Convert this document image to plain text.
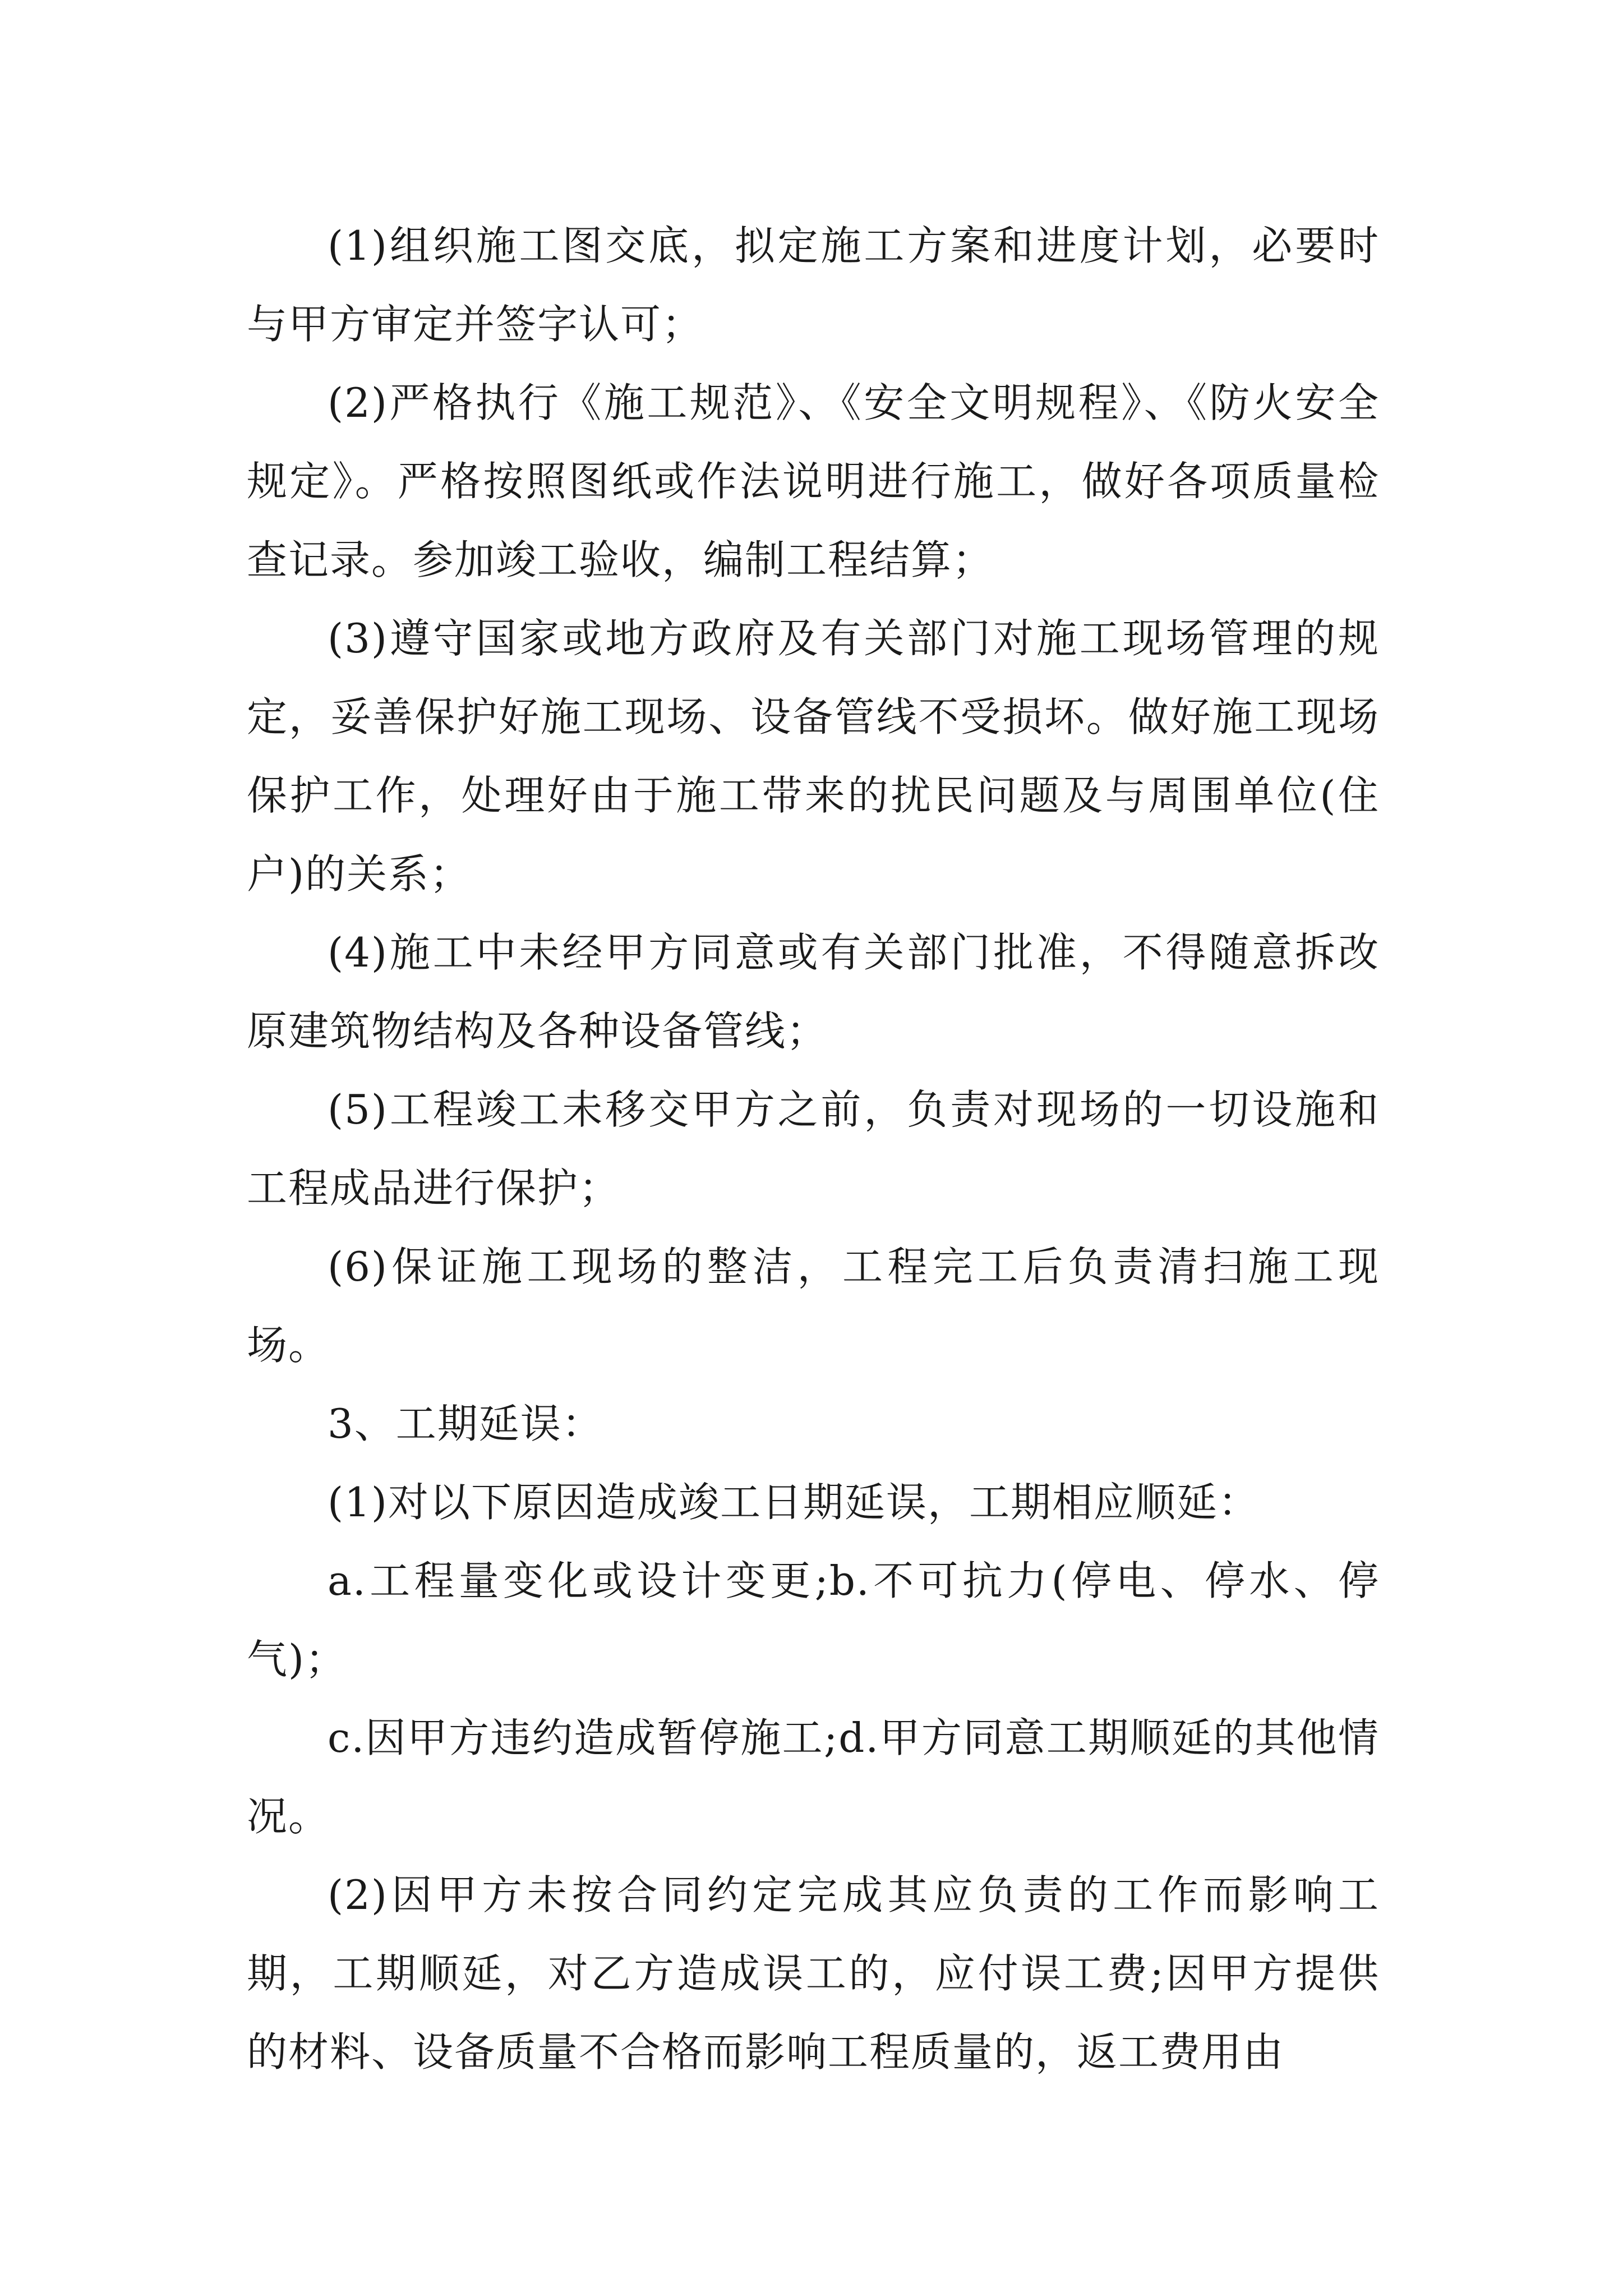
(1)组织施工图交底，拟定施工方案和进度计划，必要时与甲方审定并签字认可；

(2)严格执行《施工规范》、《安全文明规程》、《防火安全规定》。严格按照图纸或作法说明进行施工，做好各项质量检查记录。参加竣工验收，编制工程结算；

(3)遵守国家或地方政府及有关部门对施工现场管理的规定，妥善保护好施工现场、设备管线不受损坏。做好施工现场保护工作，处理好由于施工带来的扰民问题及与周围单位(住户)的关系；

(4)施工中未经甲方同意或有关部门批准，不得随意拆改原建筑物结构及各种设备管线；

(5)工程竣工未移交甲方之前，负责对现场的一切设施和工程成品进行保护；

(6)保证施工现场的整洁，工程完工后负责清扫施工现场。

3、工期延误：

(1)对以下原因造成竣工日期延误，工期相应顺延：

a.工程量变化或设计变更;b.不可抗力(停电、停水、停气)；

c.因甲方违约造成暂停施工;d.甲方同意工期顺延的其他情况。

(2)因甲方未按合同约定完成其应负责的工作而影响工期，工期顺延，对乙方造成误工的，应付误工费;因甲方提供的材料、设备质量不合格而影响工程质量的，返工费用由
